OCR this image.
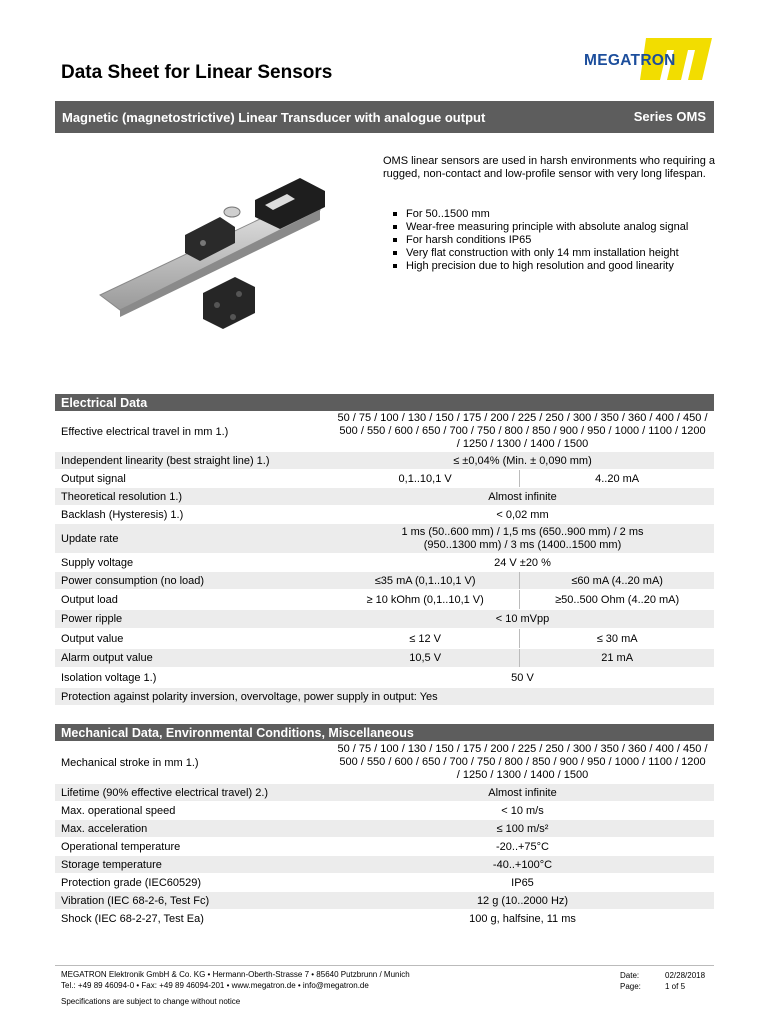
Data Sheet for Linear Sensors
MEGATRON
Magnetic (magnetostrictive) Linear Transducer with analogue output	Series OMS
OMS linear sensors are used in harsh environments who requiring a rugged, non-contact and low-profile sensor with very long lifespan.
For 50..1500 mm
Wear-free measuring principle with absolute analog signal
For harsh conditions IP65
Very flat construction with only 14 mm installation height
High precision due to high resolution and good linearity
Electrical Data		
Effective electrical travel in mm 1.)	50 / 75 / 100 / 130 / 150 / 175 / 200 / 225 / 250 / 300 / 350 / 360 / 400 / 450 / 500 / 550 / 600 / 650 / 700 / 750 / 800 / 850 / 900 / 950 / 1000 / 1100 / 1200 / 1250 / 1300 / 1400 / 1500	
Independent linearity (best straight line) 1.)	≤ ±0,04% (Min. ± 0,090 mm)	
Output signal	0,1..10,1 V	4..20 mA
Theoretical resolution 1.)	Almost infinite	
Backlash (Hysteresis) 1.)	< 0,02 mm	
Update rate	1 ms (50..600 mm) / 1,5 ms (650..900 mm) / 2 ms (950..1300 mm) / 3 ms (1400..1500 mm)	
Supply voltage	24 V ±20 %	
Power consumption (no load)	≤35 mA (0,1..10,1 V)	≤60 mA (4..20 mA)
Output load	≥ 10 kOhm (0,1..10,1 V)	≥50..500 Ohm (4..20 mA)
Power ripple	< 10 mVpp	
Output value	≤ 12 V	≤ 30 mA
Alarm output value	10,5 V	21 mA
Isolation voltage 1.)	50 V	
Protection against polarity inversion, overvoltage, power supply in output: Yes		
Mechanical Data, Environmental Conditions, Miscellaneous	
Mechanical stroke in mm 1.)	50 / 75 / 100 / 130 / 150 / 175 / 200 / 225 / 250 / 300 / 350 / 360 / 400 / 450 / 500 / 550 / 600 / 650 / 700 / 750 / 800 / 850 / 900 / 950 / 1000 / 1100 / 1200 / 1250 / 1300 / 1400 / 1500
Lifetime (90% effective electrical travel) 2.)	Almost infinite
Max. operational speed	< 10 m/s
Max. acceleration	≤ 100 m/s²
Operational temperature	-20..+75°C
Storage temperature	-40..+100°C
Protection grade (IEC60529)	IP65
Vibration (IEC 68-2-6, Test Fc)	12 g (10..2000 Hz)
Shock (IEC 68-2-27, Test Ea)	100 g, halfsine, 11 ms
MEGATRON Elektronik GmbH & Co. KG • Hermann-Oberth-Strasse 7 • 85640 Putzbrunn / Munich
Tel.: +49 89 46094-0 • Fax: +49 89 46094-201 • www.megatron.de • info@megatron.de
Date:	02/28/2018
Page:	1 of 5
Specifications are subject to change without notice
